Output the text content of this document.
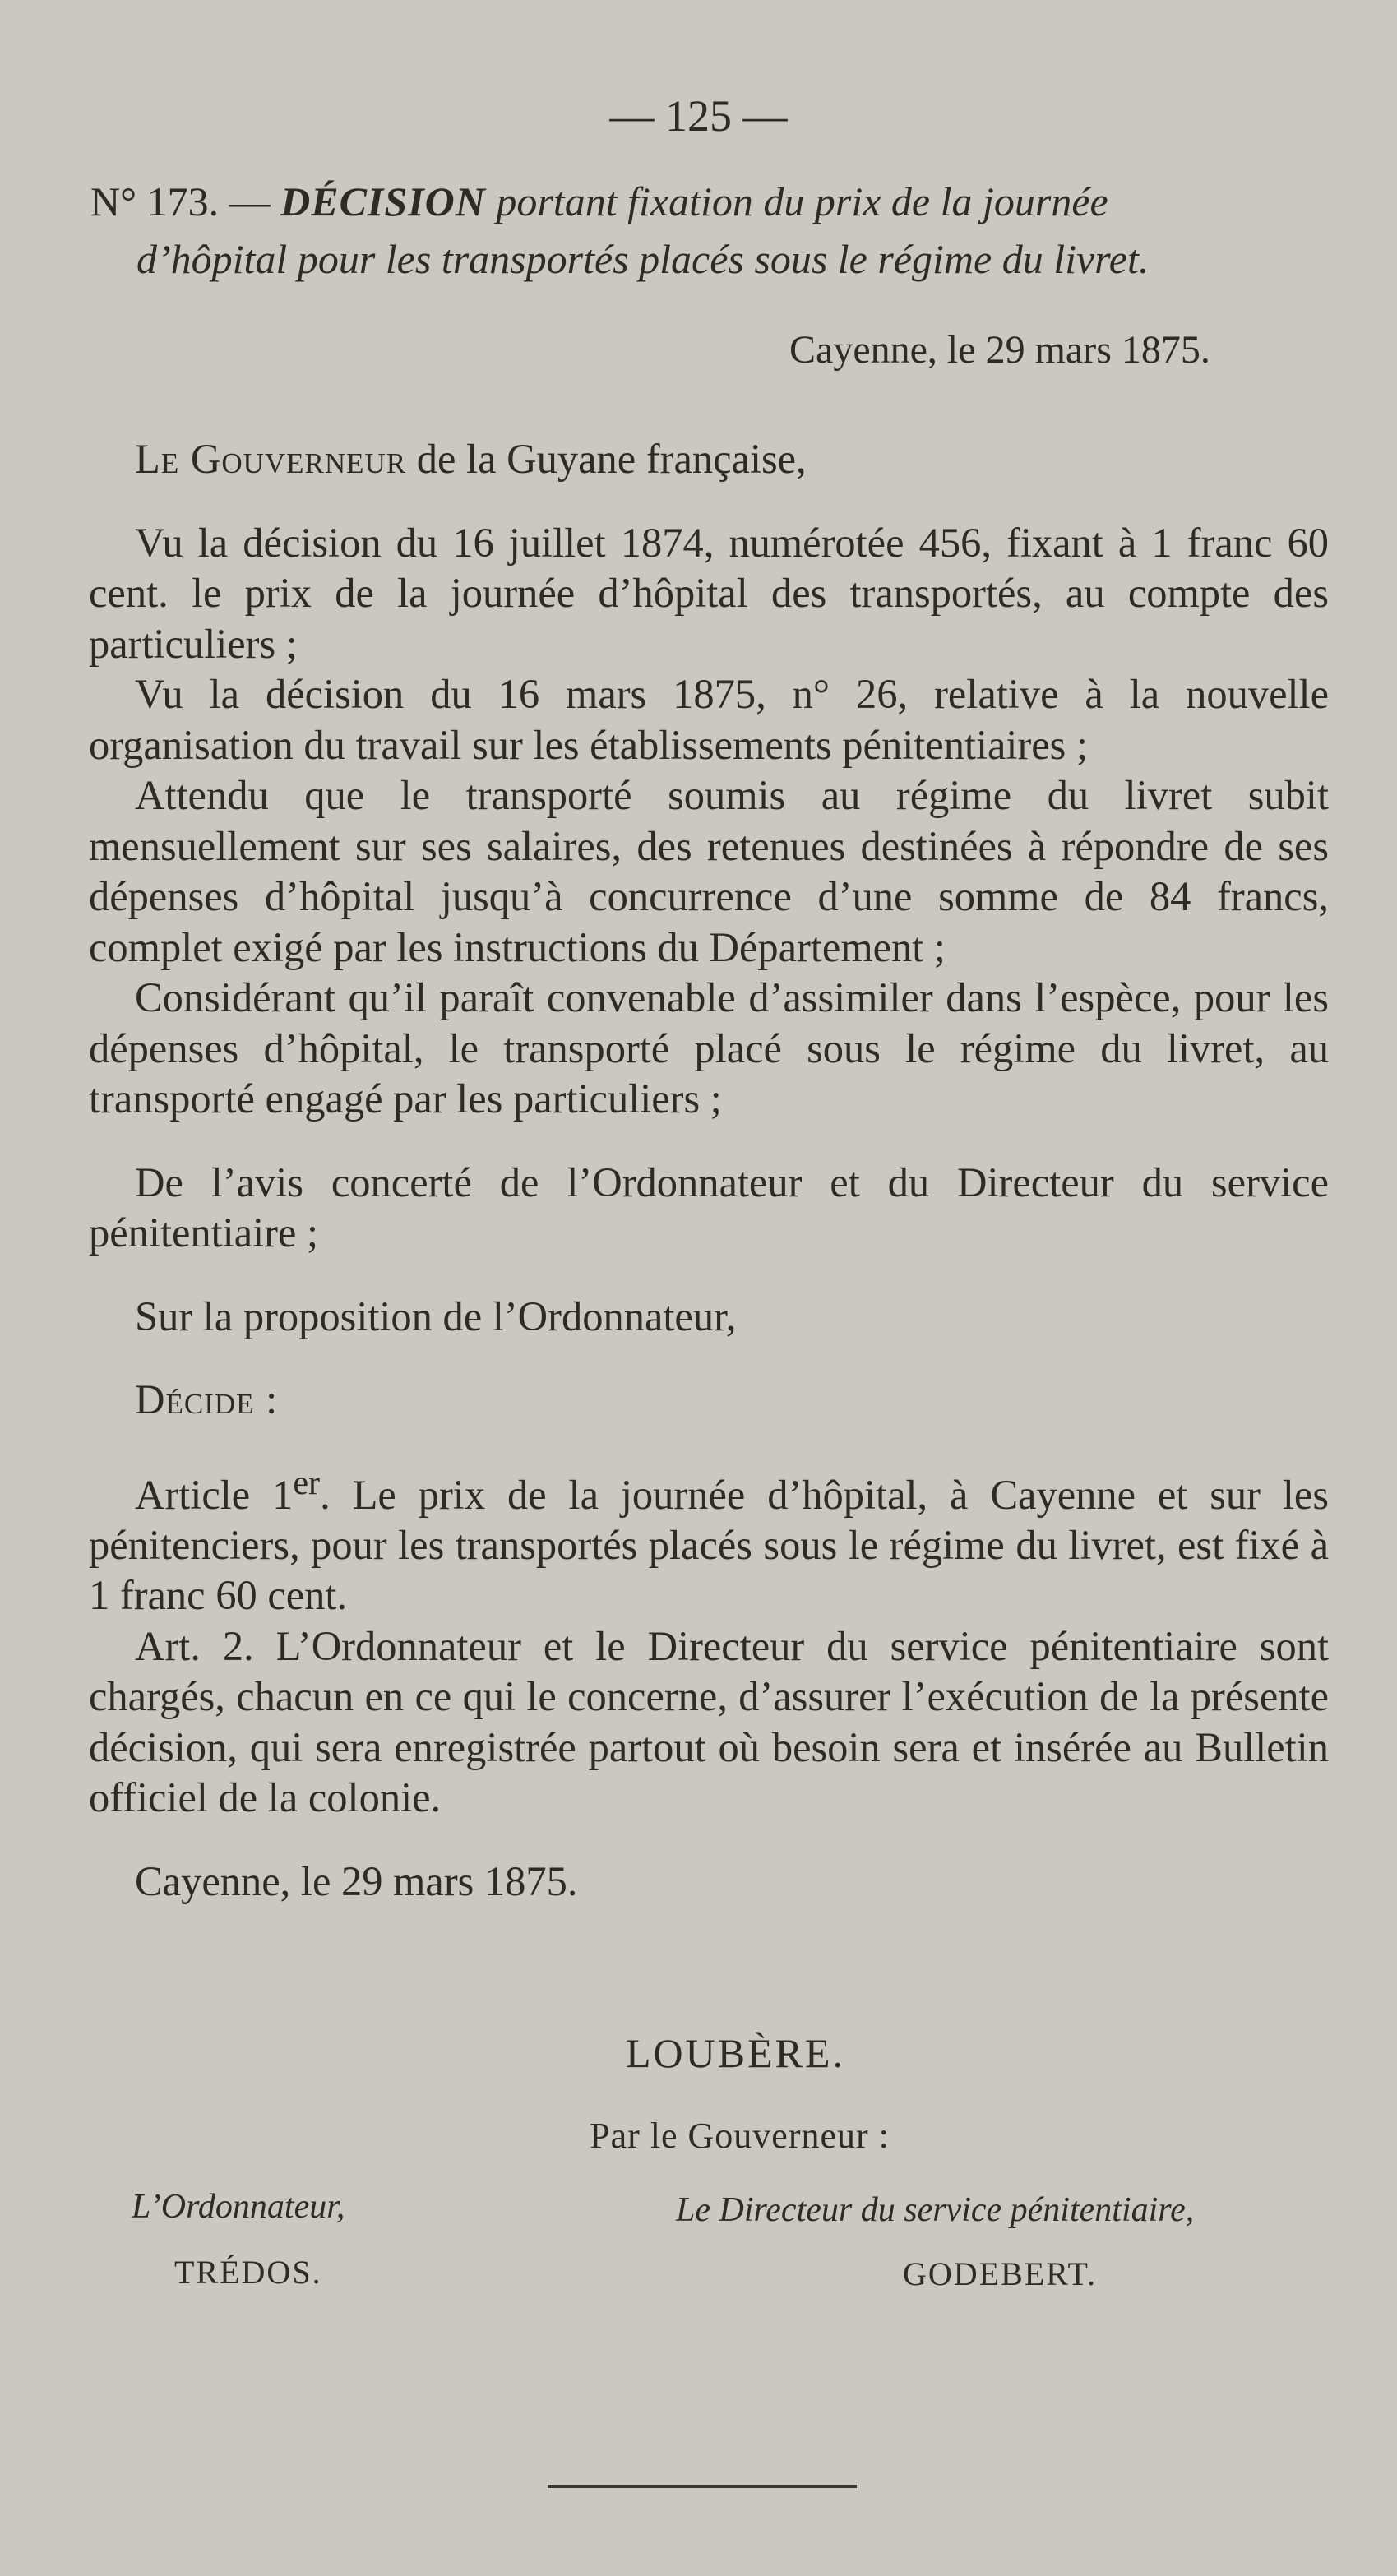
— 125 —
N° 173. — DÉCISION portant fixation du prix de la journée
d’hôpital pour les transportés placés sous le régime du livret.
Cayenne, le 29 mars 1875.

Le Gouverneur de la Guyane française,

Vu la décision du 16 juillet 1874, numérotée 456, fixant à 1 franc 60 cent. le prix de la journée d’hôpital des transportés, au compte des particuliers ;

Vu la décision du 16 mars 1875, n° 26, relative à la nouvelle organisation du travail sur les établissements pénitentiaires ;

Attendu que le transporté soumis au régime du livret subit mensuellement sur ses salaires, des retenues destinées à répondre de ses dépenses d’hôpital jusqu’à concurrence d’une somme de 84 francs, complet exigé par les instructions du Département ;

Considérant qu’il paraît convenable d’assimiler dans l’espèce, pour les dépenses d’hôpital, le transporté placé sous le régime du livret, au transporté engagé par les particuliers ;

De l’avis concerté de l’Ordonnateur et du Directeur du service pénitentiaire ;

Sur la proposition de l’Ordonnateur,

Décide :

Article 1er. Le prix de la journée d’hôpital, à Cayenne et sur les pénitenciers, pour les transportés placés sous le régime du livret, est fixé à 1 franc 60 cent.

Art. 2. L’Ordonnateur et le Directeur du service pénitentiaire sont chargés, chacun en ce qui le concerne, d’assurer l’exécution de la présente décision, qui sera enregistrée partout où besoin sera et insérée au Bulletin officiel de la colonie.

Cayenne, le 29 mars 1875.

LOUBÈRE.
Par le Gouverneur :
L’Ordonnateur,
TRÉDOS.
Le Directeur du service pénitentiaire,
GODEBERT.
